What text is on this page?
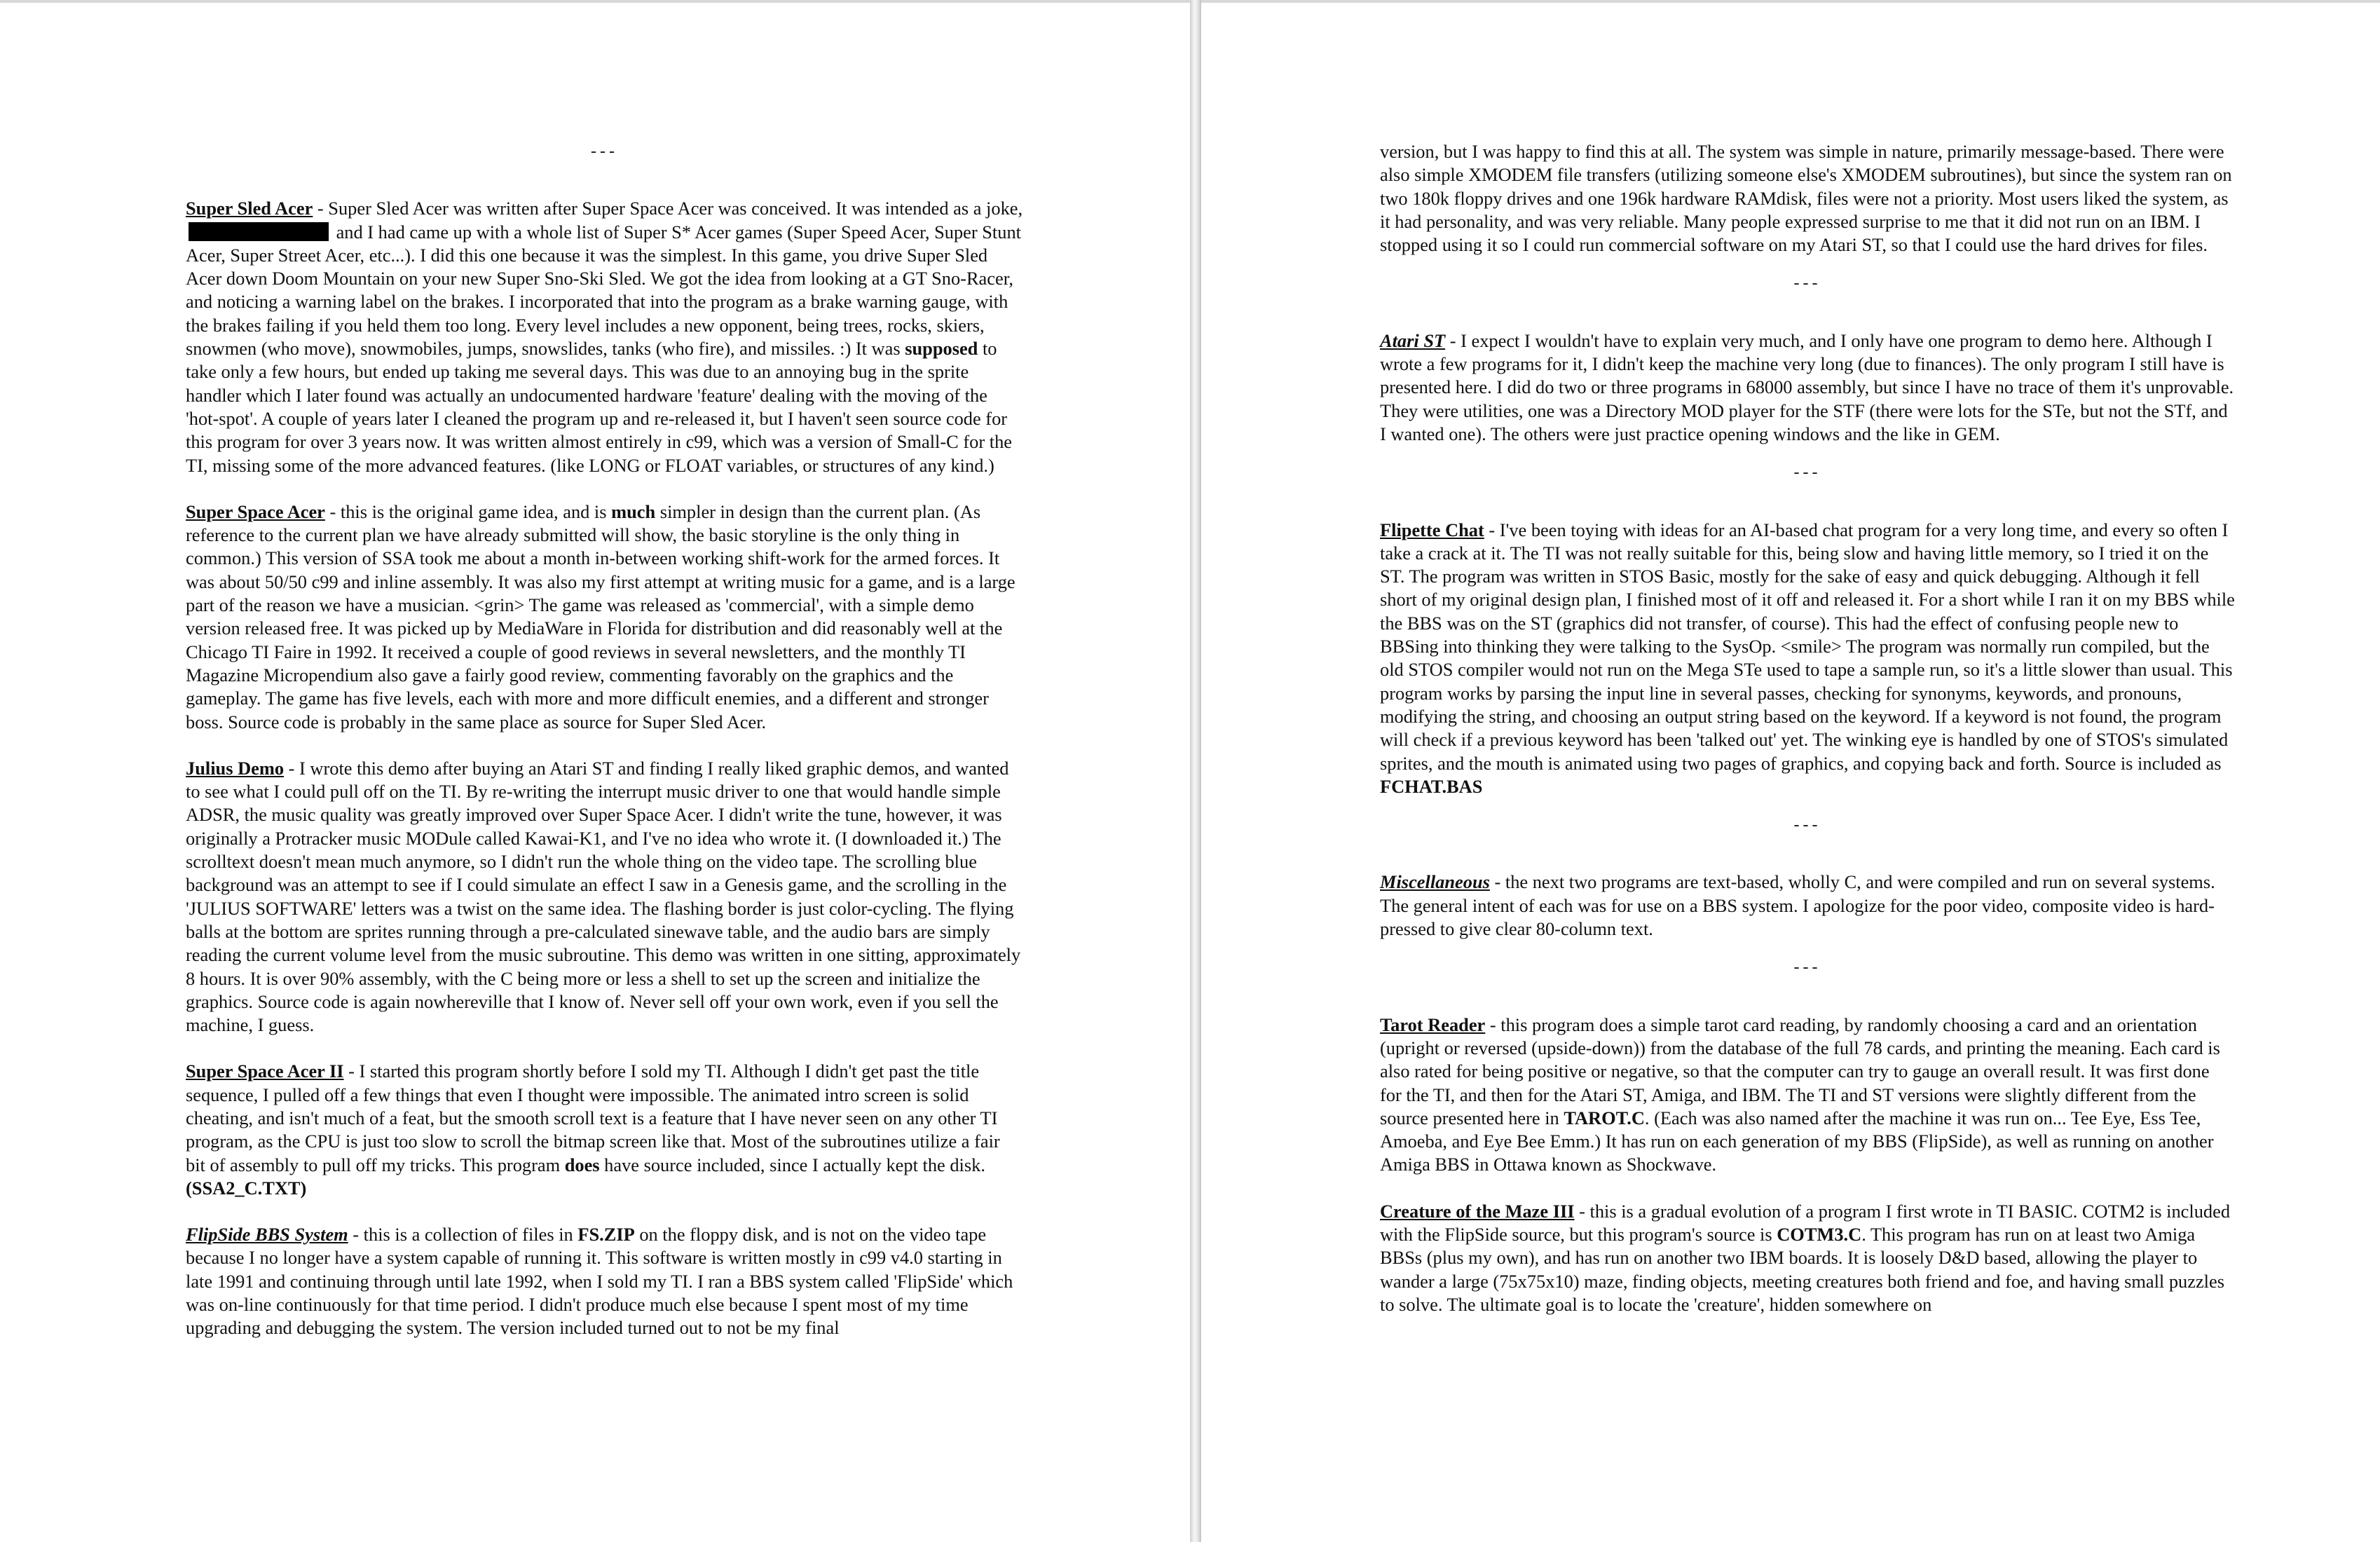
---

Super Sled Acer - Super Sled Acer was written after Super Space Acer was conceived. It was intended as a joke,  and I had came up with a whole list of Super S* Acer games (Super Speed Acer, Super Stunt Acer, Super Street Acer, etc...). I did this one because it was the simplest. In this game, you drive Super Sled Acer down Doom Mountain on your new Super Sno-Ski Sled. We got the idea from looking at a GT Sno-Racer, and noticing a warning label on the brakes. I incorporated that into the program as a brake warning gauge, with the brakes failing if you held them too long. Every level includes a new opponent, being trees, rocks, skiers, snowmen (who move), snowmobiles, jumps, snowslides, tanks (who fire), and missiles. :) It was supposed to take only a few hours, but ended up taking me several days. This was due to an annoying bug in the sprite handler which I later found was actually an undocumented hardware 'feature' dealing with the moving of the 'hot-spot'. A couple of years later I cleaned the program up and re-released it, but I haven't seen source code for this program for over 3 years now. It was written almost entirely in c99, which was a version of Small-C for the TI, missing some of the more advanced features. (like LONG or FLOAT variables, or structures of any kind.)

Super Space Acer - this is the original game idea, and is much simpler in design than the current plan. (As reference to the current plan we have already submitted will show, the basic storyline is the only thing in common.) This version of SSA took me about a month in-between working shift-work for the armed forces. It was about 50/50 c99 and inline assembly. It was also my first attempt at writing music for a game, and is a large part of the reason we have a musician. <grin> The game was released as 'commercial', with a simple demo version released free. It was picked up by MediaWare in Florida for distribution and did reasonably well at the Chicago TI Faire in 1992. It received a couple of good reviews in several newsletters, and the monthly TI Magazine Micropendium also gave a fairly good review, commenting favorably on the graphics and the gameplay. The game has five levels, each with more and more difficult enemies, and a different and stronger boss. Source code is probably in the same place as source for Super Sled Acer.

Julius Demo - I wrote this demo after buying an Atari ST and finding I really liked graphic demos, and wanted to see what I could pull off on the TI. By re-writing the interrupt music driver to one that would handle simple ADSR, the music quality was greatly improved over Super Space Acer. I didn't write the tune, however, it was originally a Protracker music MODule called Kawai-K1, and I've no idea who wrote it. (I downloaded it.) The scrolltext doesn't mean much anymore, so I didn't run the whole thing on the video tape. The scrolling blue background was an attempt to see if I could simulate an effect I saw in a Genesis game, and the scrolling in the 'JULIUS SOFTWARE' letters was a twist on the same idea. The flashing border is just color-cycling. The flying balls at the bottom are sprites running through a pre-calculated sinewave table, and the audio bars are simply reading the current volume level from the music subroutine. This demo was written in one sitting, approximately 8 hours. It is over 90% assembly, with the C being more or less a shell to set up the screen and initialize the graphics. Source code is again nowhereville that I know of. Never sell off your own work, even if you sell the machine, I guess.

Super Space Acer II - I started this program shortly before I sold my TI. Although I didn't get past the title sequence, I pulled off a few things that even I thought were impossible. The animated intro screen is solid cheating, and isn't much of a feat, but the smooth scroll text is a feature that I have never seen on any other TI program, as the CPU is just too slow to scroll the bitmap screen like that. Most of the subroutines utilize a fair bit of assembly to pull off my tricks. This program does have source included, since I actually kept the disk. (SSA2_C.TXT)

FlipSide BBS System - this is a collection of files in FS.ZIP on the floppy disk, and is not on the video tape because I no longer have a system capable of running it. This software is written mostly in c99 v4.0 starting in late 1991 and continuing through until late 1992, when I sold my TI. I ran a BBS system called 'FlipSide' which was on-line continuously for that time period. I didn't produce much else because I spent most of my time upgrading and debugging the system. The version included turned out to not be my final

version, but I was happy to find this at all. The system was simple in nature, primarily message-based. There were also simple XMODEM file transfers (utilizing someone else's XMODEM subroutines), but since the system ran on two 180k floppy drives and one 196k hardware RAMdisk, files were not a priority. Most users liked the system, as it had personality, and was very reliable. Many people expressed surprise to me that it did not run on an IBM. I stopped using it so I could run commercial software on my Atari ST, so that I could use the hard drives for files.

---

Atari ST - I expect I wouldn't have to explain very much, and I only have one program to demo here. Although I wrote a few programs for it, I didn't keep the machine very long (due to finances). The only program I still have is presented here. I did do two or three programs in 68000 assembly, but since I have no trace of them it's unprovable. They were utilities, one was a Directory MOD player for the STF (there were lots for the STe, but not the STf, and I wanted one). The others were just practice opening windows and the like in GEM.

---

Flipette Chat - I've been toying with ideas for an AI-based chat program for a very long time, and every so often I take a crack at it. The TI was not really suitable for this, being slow and having little memory, so I tried it on the ST. The program was written in STOS Basic, mostly for the sake of easy and quick debugging. Although it fell short of my original design plan, I finished most of it off and released it. For a short while I ran it on my BBS while the BBS was on the ST (graphics did not transfer, of course). This had the effect of confusing people new to BBSing into thinking they were talking to the SysOp. <smile> The program was normally run compiled, but the old STOS compiler would not run on the Mega STe used to tape a sample run, so it's a little slower than usual. This program works by parsing the input line in several passes, checking for synonyms, keywords, and pronouns, modifying the string, and choosing an output string based on the keyword. If a keyword is not found, the program will check if a previous keyword has been 'talked out' yet. The winking eye is handled by one of STOS's simulated sprites, and the mouth is animated using two pages of graphics, and copying back and forth. Source is included as FCHAT.BAS

---

Miscellaneous - the next two programs are text-based, wholly C, and were compiled and run on several systems. The general intent of each was for use on a BBS system. I apologize for the poor video, composite video is hard-pressed to give clear 80-column text.

---

Tarot Reader - this program does a simple tarot card reading, by randomly choosing a card and an orientation (upright or reversed (upside-down)) from the database of the full 78 cards, and printing the meaning. Each card is also rated for being positive or negative, so that the computer can try to gauge an overall result. It was first done for the TI, and then for the Atari ST, Amiga, and IBM. The TI and ST versions were slightly different from the source presented here in TAROT.C. (Each was also named after the machine it was run on... Tee Eye, Ess Tee, Amoeba, and Eye Bee Emm.) It has run on each generation of my BBS (FlipSide), as well as running on another Amiga BBS in Ottawa known as Shockwave.

Creature of the Maze III - this is a gradual evolution of a program I first wrote in TI BASIC. COTM2 is included with the FlipSide source, but this program's source is COTM3.C. This program has run on at least two Amiga BBSs (plus my own), and has run on another two IBM boards. It is loosely D&D based, allowing the player to wander a large (75x75x10) maze, finding objects, meeting creatures both friend and foe, and having small puzzles to solve. The ultimate goal is to locate the 'creature', hidden somewhere on
